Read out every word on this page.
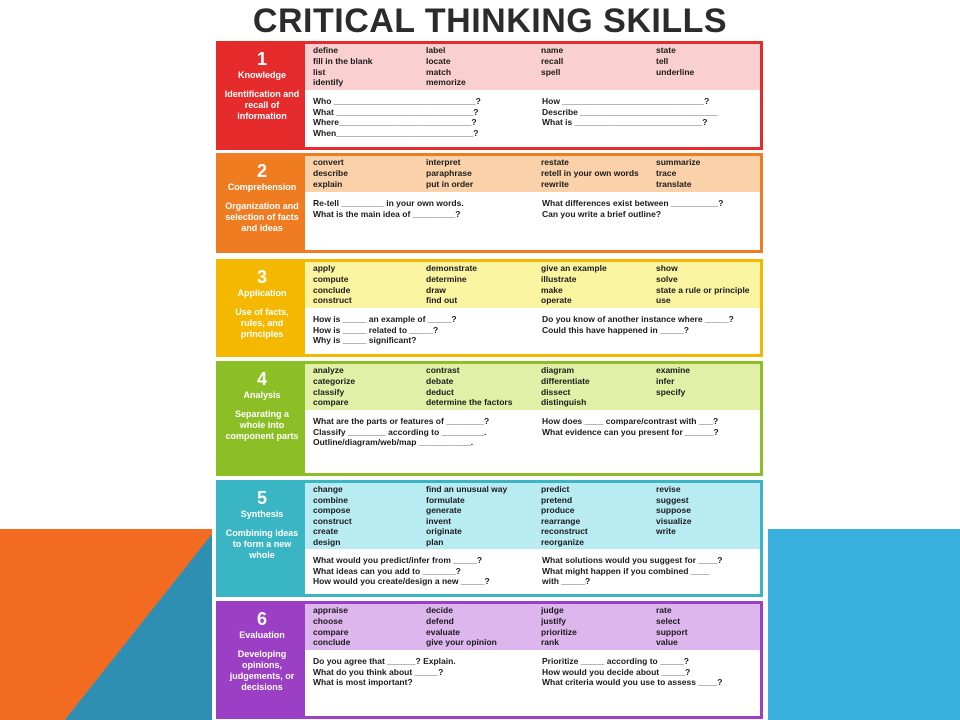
CRITICAL THINKING SKILLS
1
Knowledge
Identification and recall of information
define	label	name	state
fill in the blank	locate	recall	tell
list	match	spell	underline
identify	memorize
Who ______________________________?
What _____________________________?
Where____________________________?
When_____________________________?
How ______________________________?
Describe _____________________________
What is ___________________________?
2
Comprehension
Organization and selection of facts and ideas
convert	interpret	restate	summarize
describe	paraphrase	retell in your own words	trace
explain	put in order	rewrite	translate
Re-tell _________ in your own words.
What is the main idea of _________?
What differences exist between __________?
Can you write a brief outline?
3
Application
Use of facts, rules, and principles
apply	demonstrate	give an example	show
compute	determine	illustrate	solve
conclude	draw	make	state a rule or principle
construct	find out	operate	use
How is _____ an example of _____?
How is _____ related to _____?
Why is _____ significant?
Do you know of another instance where _____?
Could this have happened in _____?
4
Analysis
Separating a whole into component parts
analyze	contrast	diagram	examine
categorize	debate	differentiate	infer
classify	deduct	dissect	specify
compare	determine the factors	distinguish
What are the parts or features of ________?
Classify ________ according to _________.
Outline/diagram/web/map ___________.
How does ____ compare/contrast with ___?
What evidence can you present for ______?
5
Synthesis
Combining ideas to form a new whole
change	find an unusual way	predict	revise
combine	formulate	pretend	suggest
compose	generate	produce	suppose
construct	invent	rearrange	visualize
create	originate	reconstruct	write
design	plan	reorganize
What would you predict/infer from _____?
What ideas can you add to _______?
How would you create/design a new _____?
What solutions would you suggest for ____?
What might happen if you combined ____
with _____?
6
Evaluation
Developing opinions, judgements, or decisions
appraise	decide	judge	rate
choose	defend	justify	select
compare	evaluate	prioritize	support
conclude	give your opinion	rank	value
Do you agree that ______? Explain.
What do you think about _____?
What is most important?
Prioritize _____ according to _____?
How would you decide about _____?
What criteria would you use to assess ____?
